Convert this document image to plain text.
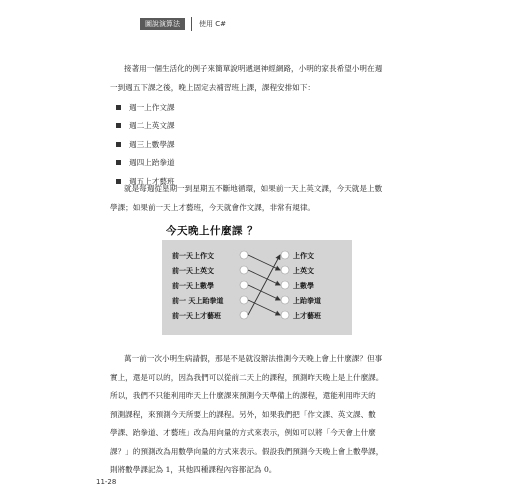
圖說演算法	使用 C#
接著用一個生活化的例子來簡單說明遞迴神經網路，小明的家長希望小明在週
一到週五下課之後，晚上固定去補習班上課，課程安排如下：
週一上作文課
週二上英文課
週三上數學課
週四上跆拳道
週五上才藝班
就是每週從星期一到星期五不斷地循環，如果前一天上英文課，今天就是上數
學課；如果前一天上才藝班，今天就會作文課，非常有規律。
今天晚上什麼課 ？
前一天上作文
前一天上英文
前一天上數學
前一 天上跆拳道
前一天上才藝班
上作文
上英文
上數學
上跆拳道
上才藝班
萬一前一次小明生病請假，那是不是就沒辦法推測今天晚上會上什麼課？但事
實上，還是可以的，因為我們可以從前二天上的課程，預測昨天晚上是上什麼課。
所以，我們不只能利用昨天上什麼課來預測今天準備上的課程，還能利用昨天的
預測課程，來預測今天所要上的課程。另外，如果我們把「作文課、英文課、數
學課、跆拳道、才藝班」改為用向量的方式來表示，例如可以將「今天會上什麼
課？」的預測改為用數學向量的方式來表示。假設我們預測今天晚上會上數學課，
則將數學課記為 1，其他四種課程內容都記為 0。
11-28
